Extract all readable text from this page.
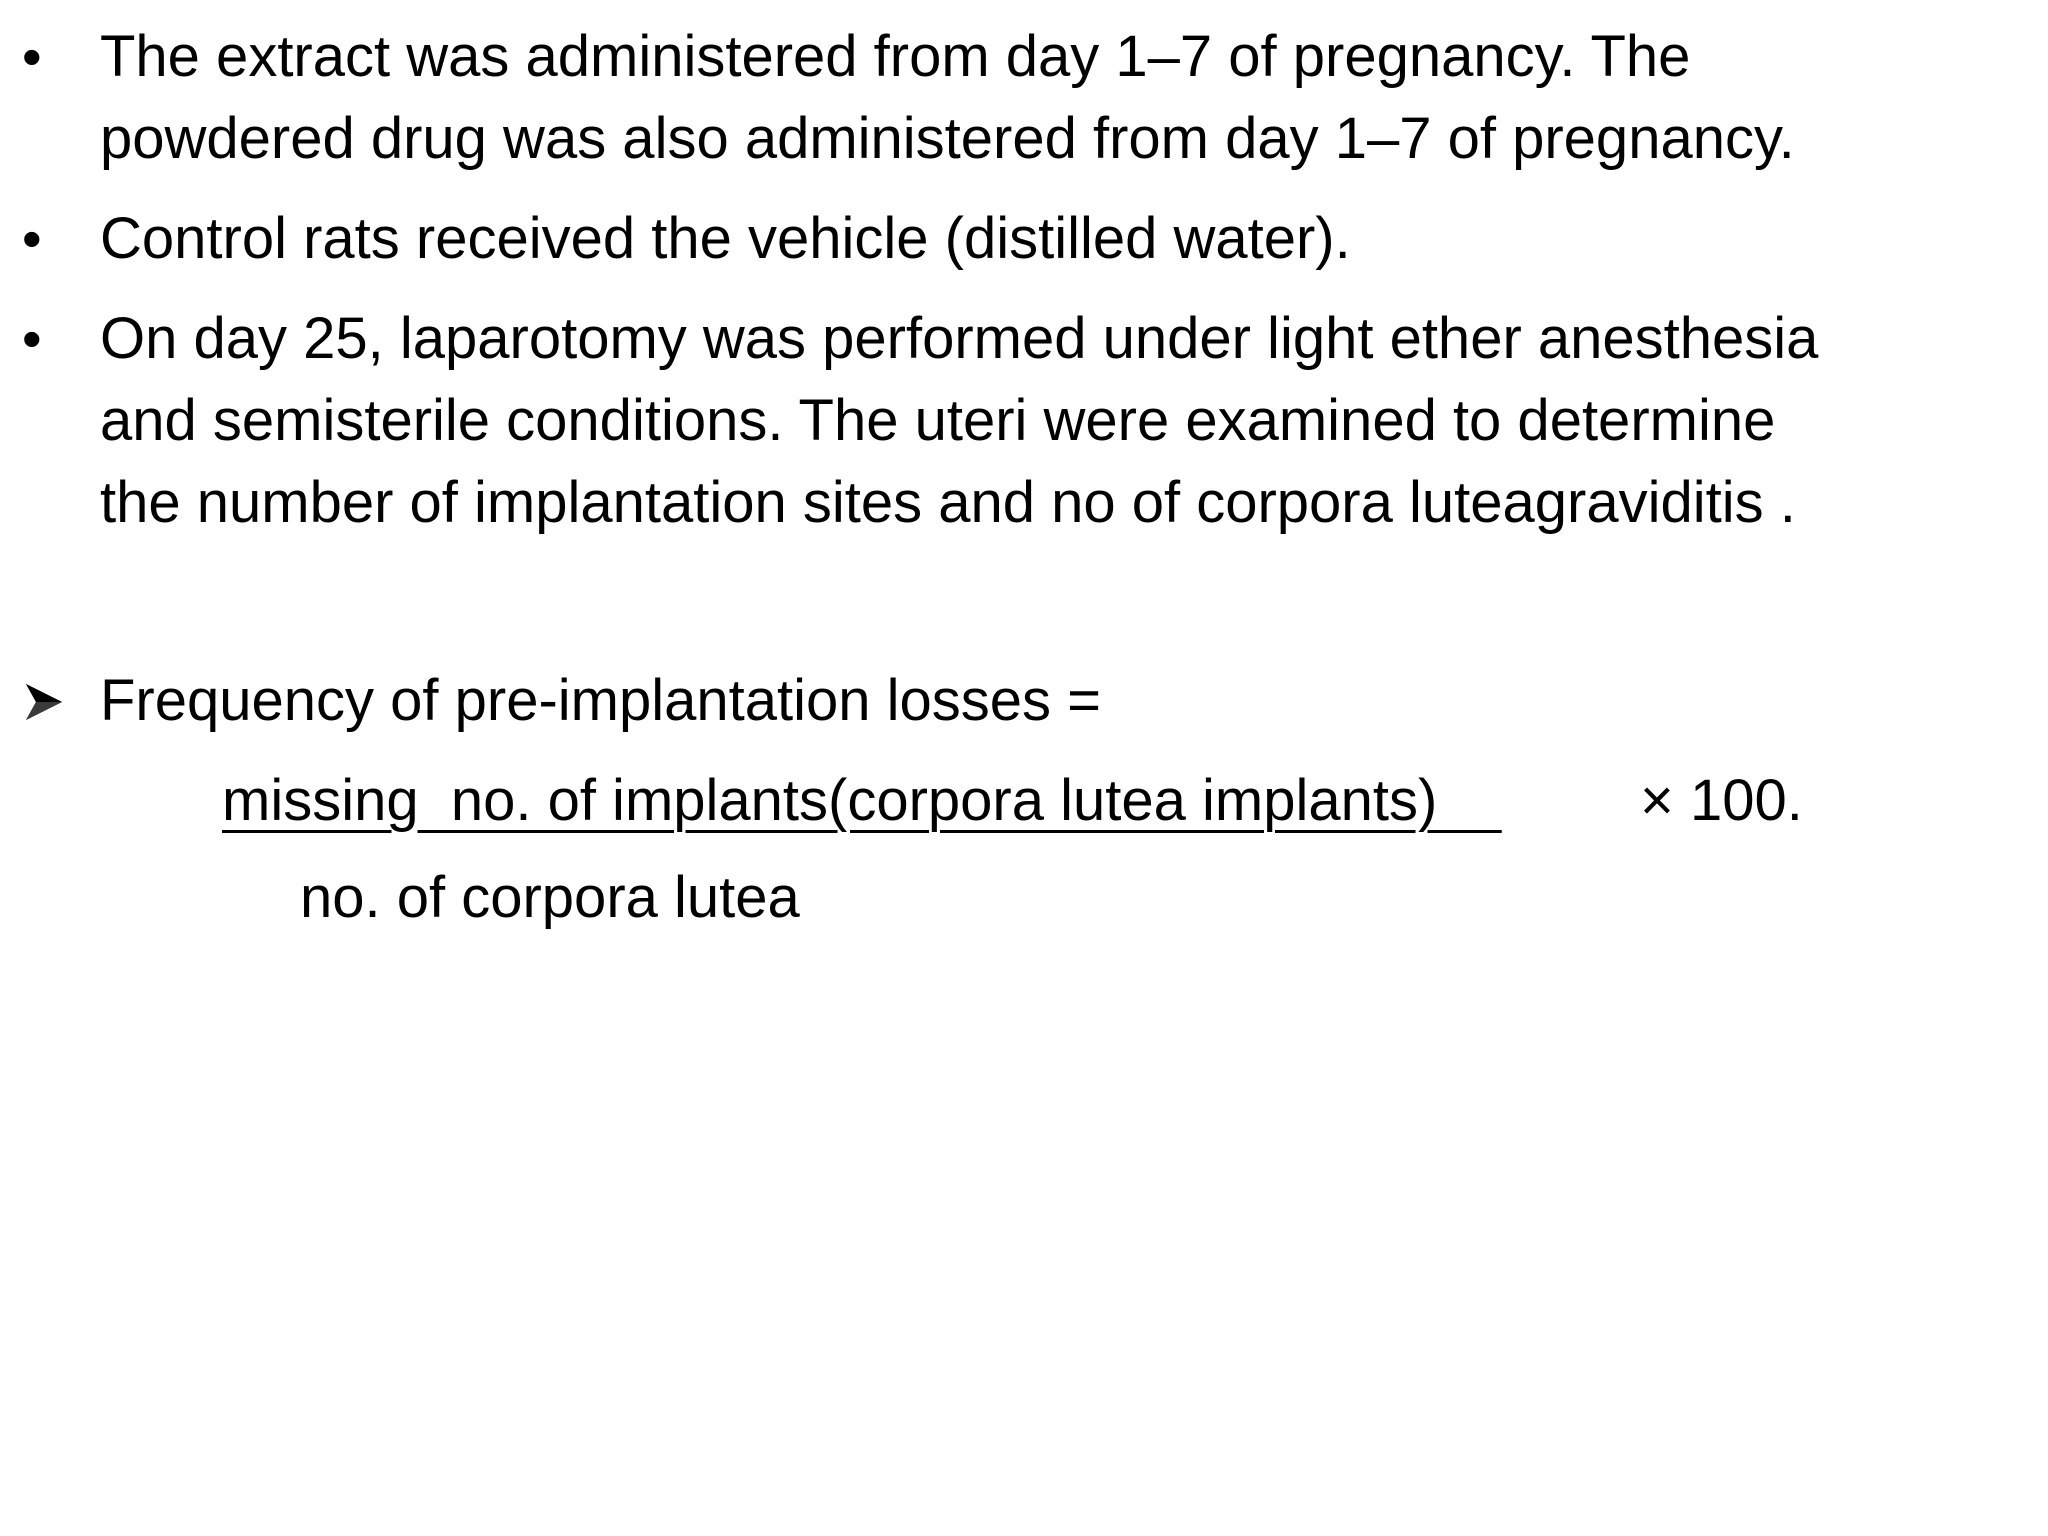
• The extract was administered from day 1–7 of pregnancy. The
powdered drug was also administered from day 1–7 of pregnancy.
• Control rats received the vehicle (distilled water).
• On day 25, laparotomy was performed under light ether anesthesia
and semisterile conditions. The uteri were examined to determine
the number of implantation sites and no of corpora luteagraviditis .
Frequency of pre-implantation losses =
missing  no. of implants(corpora lutea implants) × 100.
no. of corpora lutea
